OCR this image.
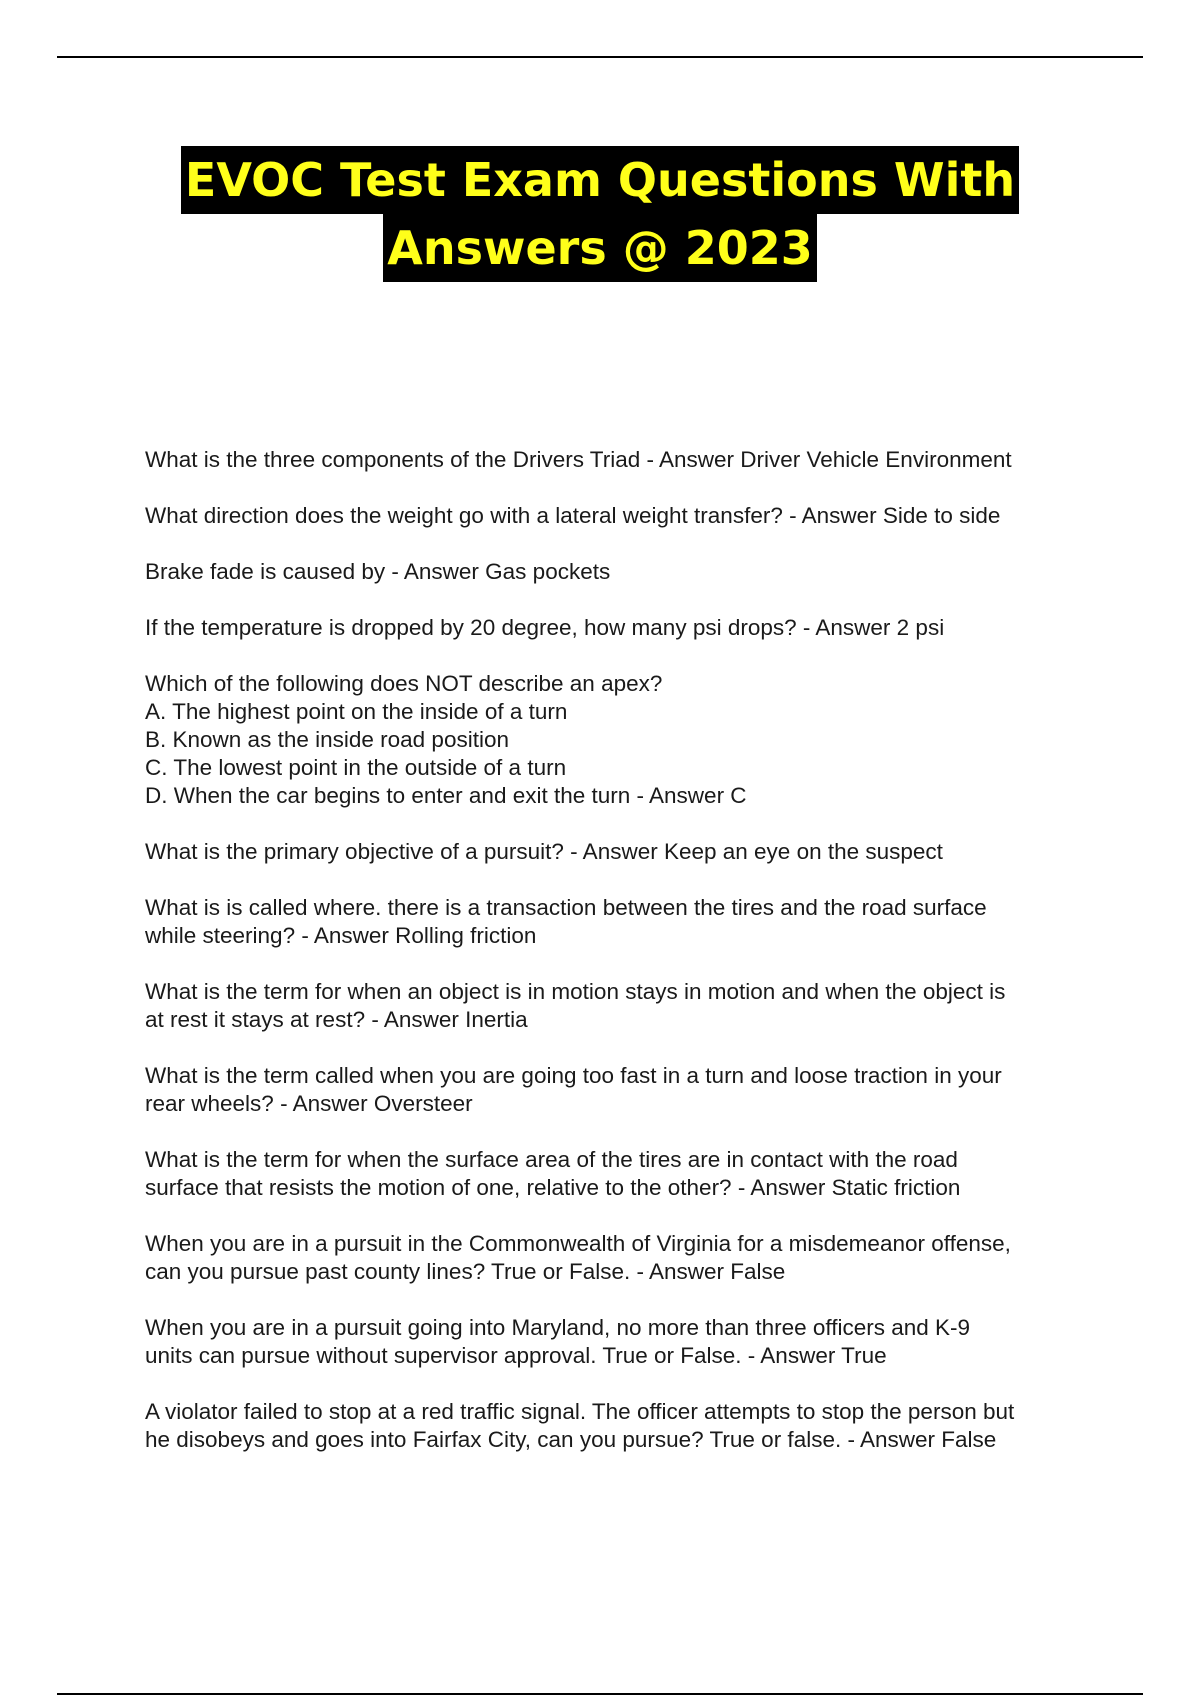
EVOC Test Exam Questions With
Answers @ 2023
What is the three components of the Drivers Triad - Answer Driver Vehicle Environment
What direction does the weight go with a lateral weight transfer? - Answer Side to side
Brake fade is caused by - Answer Gas pockets
If the temperature is dropped by 20 degree, how many psi drops? - Answer 2 psi
Which of the following does NOT describe an apex?
A. The highest point on the inside of a turn
B. Known as the inside road position
C. The lowest point in the outside of a turn
D. When the car begins to enter and exit the turn - Answer C
What is the primary objective of a pursuit? - Answer Keep an eye on the suspect
What is is called where. there is a transaction between the tires and the road surface
while steering? - Answer Rolling friction
What is the term for when an object is in motion stays in motion and when the object is
at rest it stays at rest? - Answer Inertia
What is the term called when you are going too fast in a turn and loose traction in your
rear wheels? - Answer Oversteer
What is the term for when the surface area of the tires are in contact with the road
surface that resists the motion of one, relative to the other? - Answer Static friction
When you are in a pursuit in the Commonwealth of Virginia for a misdemeanor offense,
can you pursue past county lines? True or False. - Answer False
When you are in a pursuit going into Maryland, no more than three officers and K-9
units can pursue without supervisor approval. True or False. - Answer True
A violator failed to stop at a red traffic signal. The officer attempts to stop the person but
he disobeys and goes into Fairfax City, can you pursue? True or false. - Answer False
